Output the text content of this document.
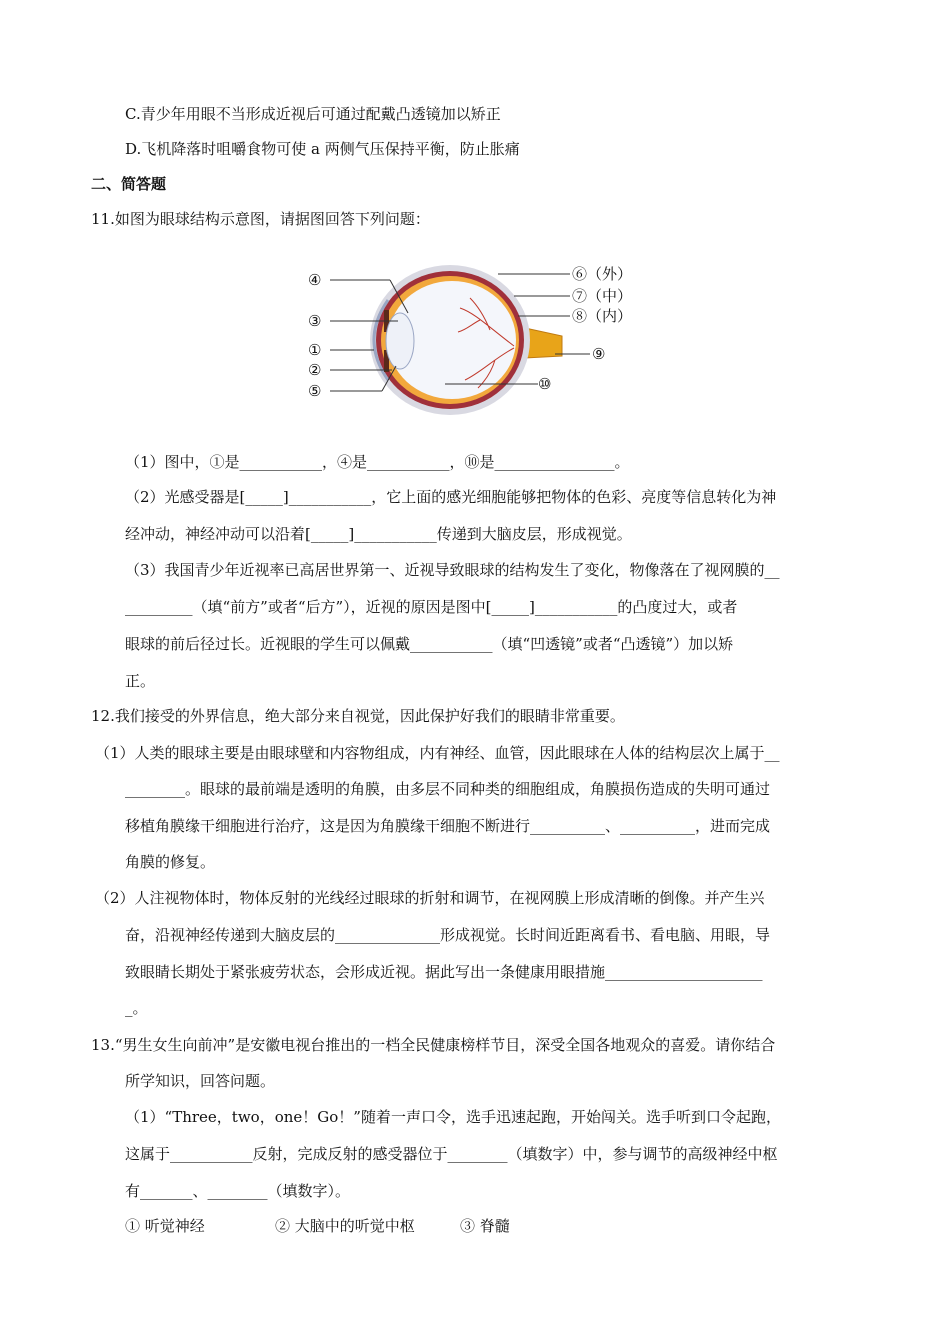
C.青少年用眼不当形成近视后可通过配戴凸透镜加以矫正
D.飞机降落时咀嚼食物可使 a 两侧气压保持平衡，防止胀痛
二、简答题
11.如图为眼球结构示意图，请据图回答下列问题：
④
③
①
②
⑤
⑥（外）
⑦（中）
⑧（内）
⑨
⑩
（1）图中，①是___________，④是___________，⑩是________________。
（2）光感受器是[_____]___________，它上面的感光细胞能够把物体的色彩、亮度等信息转化为神
经冲动，神经冲动可以沿着[_____]___________传递到大脑皮层，形成视觉。
（3）我国青少年近视率已高居世界第一、近视导致眼球的结构发生了变化，物像落在了视网膜的__
_________（填“前方”或者“后方”），近视的原因是图中[_____]___________的凸度过大，或者
眼球的前后径过长。近视眼的学生可以佩戴___________（填“凹透镜”或者“凸透镜”）加以矫
正。
12.我们接受的外界信息，绝大部分来自视觉，因此保护好我们的眼睛非常重要。
（1）人类的眼球主要是由眼球壁和内容物组成，内有神经、血管，因此眼球在人体的结构层次上属于__
________。眼球的最前端是透明的角膜，由多层不同种类的细胞组成，角膜损伤造成的失明可通过
移植角膜缘干细胞进行治疗，这是因为角膜缘干细胞不断进行__________、__________，进而完成
角膜的修复。
（2）人注视物体时，物体反射的光线经过眼球的折射和调节，在视网膜上形成清晰的倒像。并产生兴
奋，沿视神经传递到大脑皮层的______________形成视觉。长时间近距离看书、看电脑、用眼，导
致眼睛长期处于紧张疲劳状态，会形成近视。据此写出一条健康用眼措施_____________________
_。
13.“男生女生向前冲”是安徽电视台推出的一档全民健康榜样节目，深受全国各地观众的喜爱。请你结合
所学知识，回答问题。
（1）“Three，two，one！Go！”随着一声口令，选手迅速起跑，开始闯关。选手听到口令起跑，
这属于___________反射，完成反射的感受器位于________（填数字）中，参与调节的高级神经中枢
有_______、________（填数字）。
① 听觉神经	② 大脑中的听觉中枢	③ 脊髓
